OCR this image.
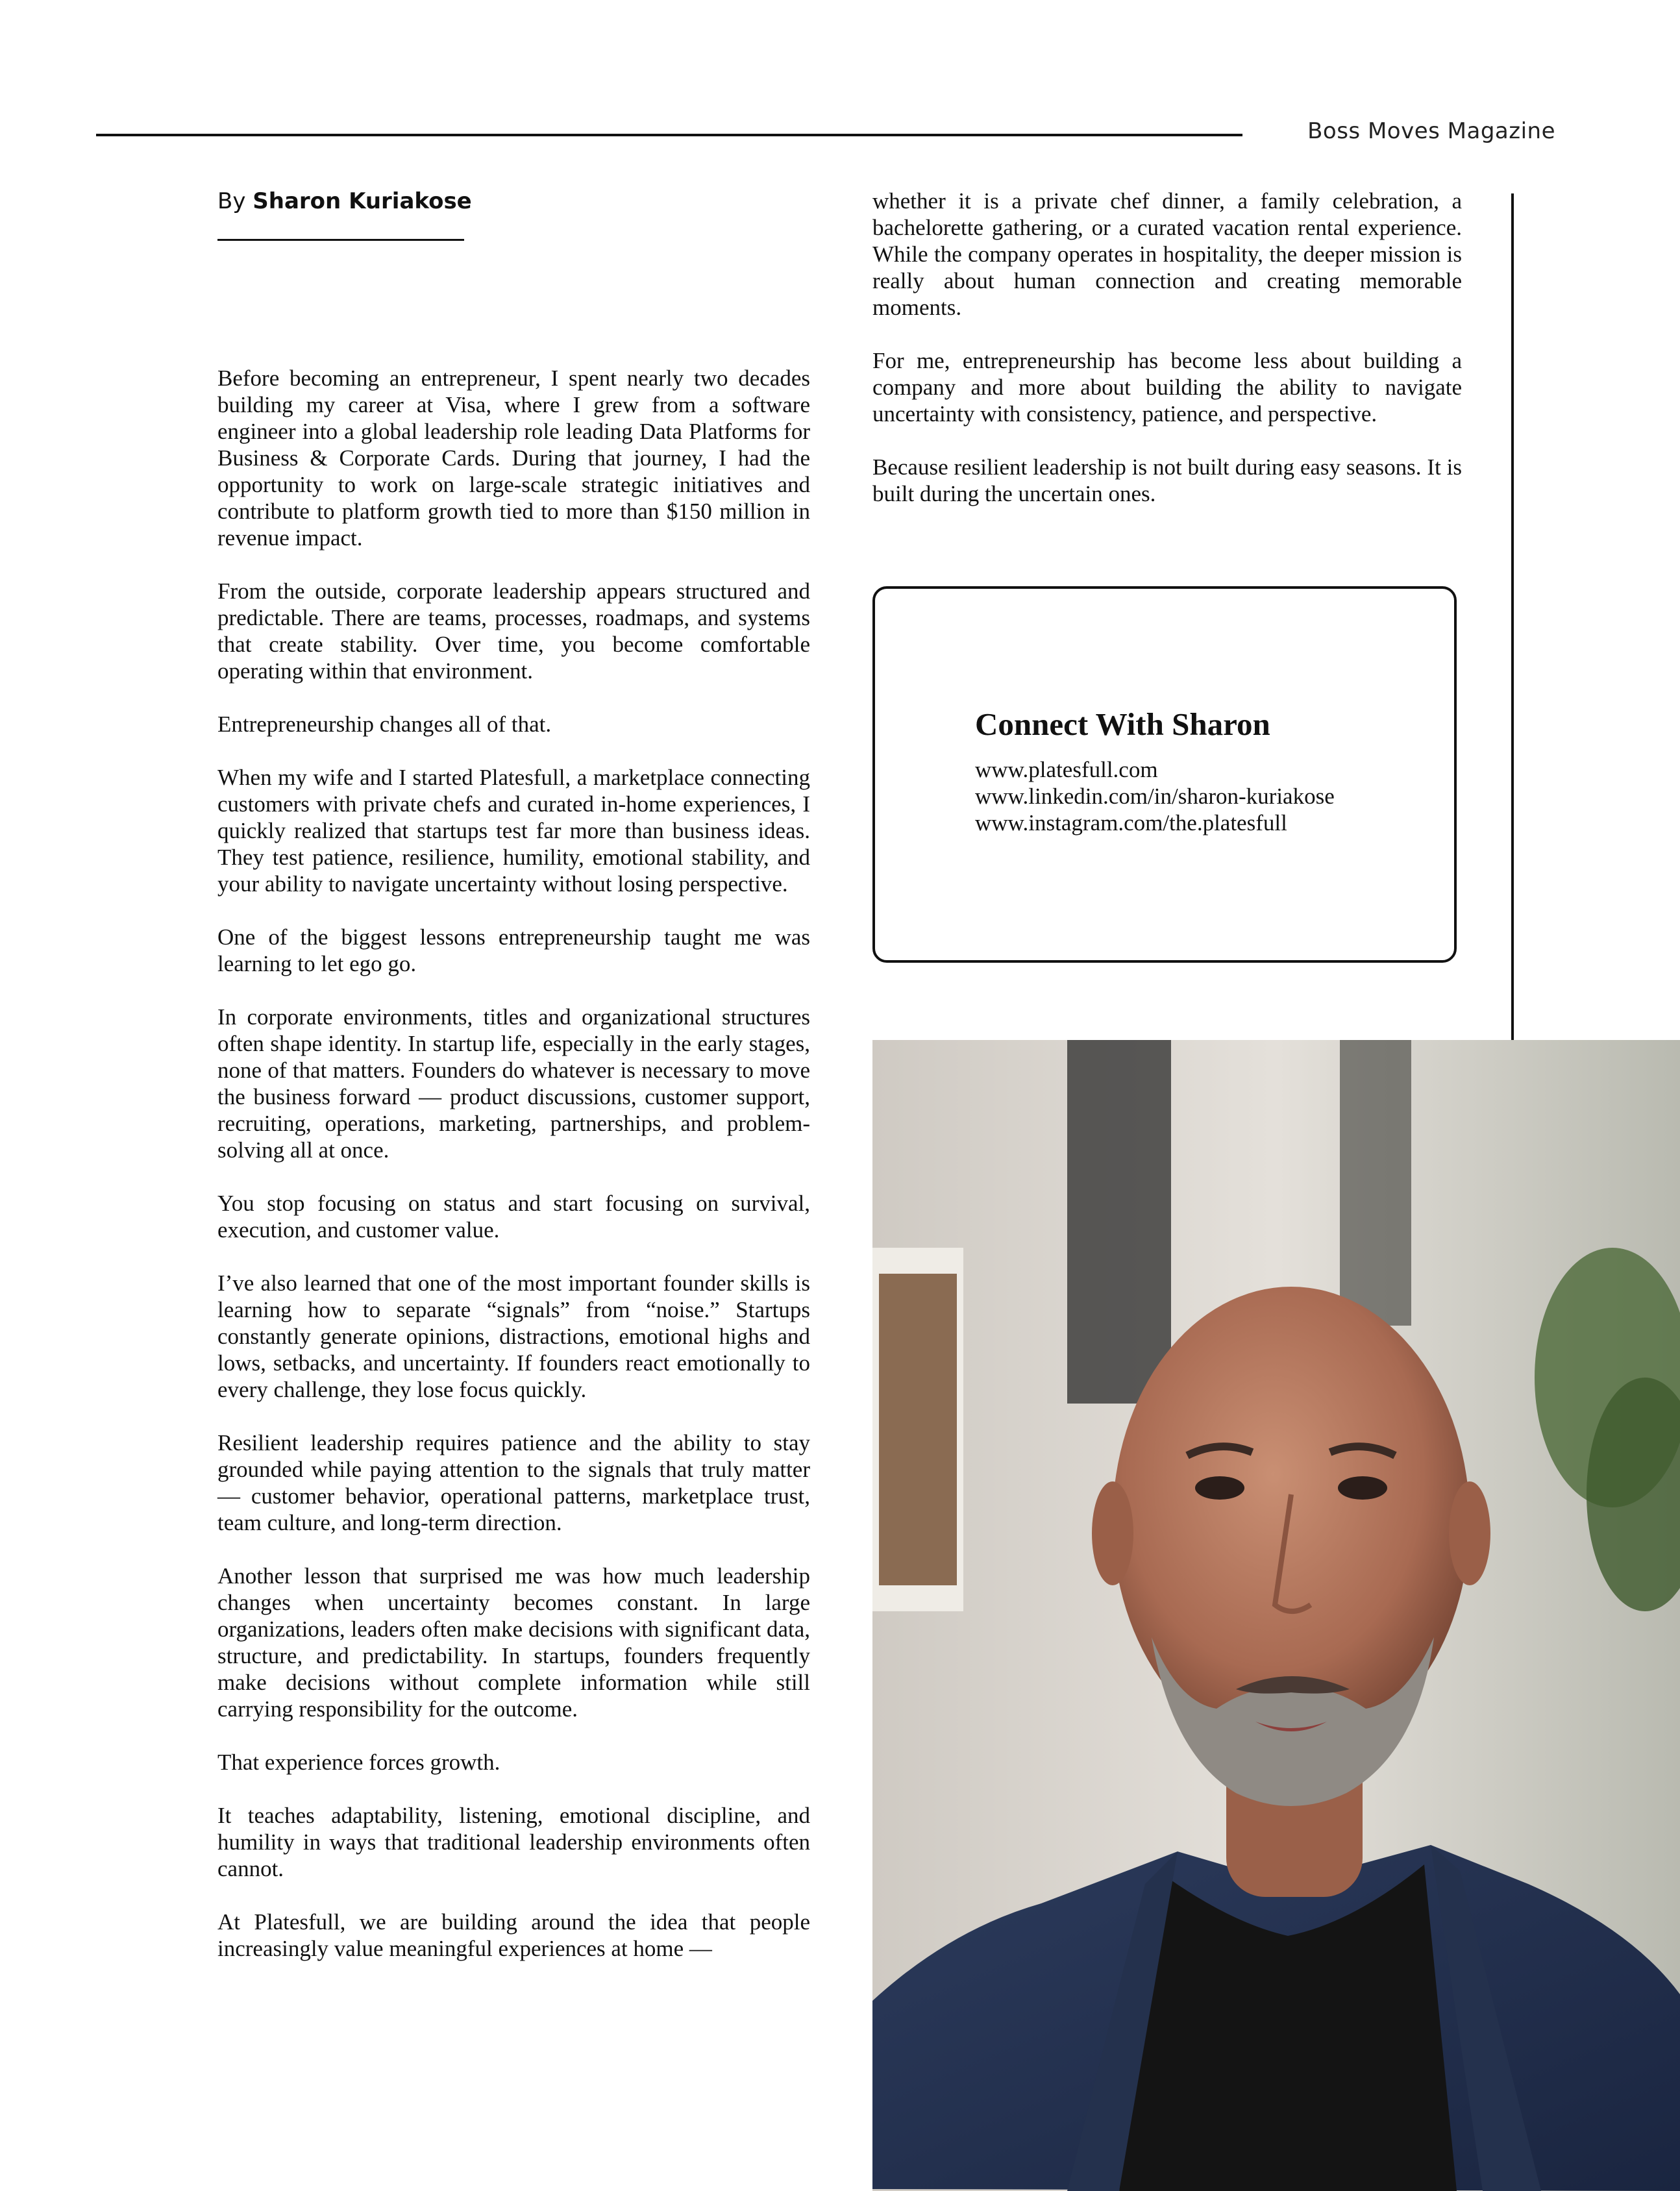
Boss Moves Magazine
By Sharon Kuriakose

Before becoming an entrepreneur, I spent nearly two decades building my career at Visa, where I grew from a software engineer into a global leadership role leading Data Platforms for Business & Corporate Cards. During that journey, I had the opportunity to work on large-scale strategic initiatives and contribute to platform growth tied to more than $150 million in revenue impact.

From the outside, corporate leadership appears structured and predictable. There are teams, processes, roadmaps, and systems that create stability. Over time, you become comfortable operating within that environment.

Entrepreneurship changes all of that.

When my wife and I started Platesfull, a marketplace connecting customers with private chefs and curated in-home experiences, I quickly realized that startups test far more than business ideas. They test patience, resilience, humility, emotional stability, and your ability to navigate uncertainty without losing perspective.

One of the biggest lessons entrepreneurship taught me was learning to let ego go.

In corporate environments, titles and organizational structures often shape identity. In startup life, especially in the early stages, none of that matters. Founders do whatever is necessary to move the business forward — product discussions, customer support, recruiting, operations, marketing, partnerships, and problem-solving all at once.

You stop focusing on status and start focusing on survival, execution, and customer value.

I’ve also learned that one of the most important founder skills is learning how to separate “signals” from “noise.” Startups constantly generate opinions, distractions, emotional highs and lows, setbacks, and uncertainty. If founders react emotionally to every challenge, they lose focus quickly.

Resilient leadership requires patience and the ability to stay grounded while paying attention to the signals that truly matter — customer behavior, operational patterns, marketplace trust, team culture, and long-term direction.

Another lesson that surprised me was how much leadership changes when uncertainty becomes constant. In large organizations, leaders often make decisions with significant data, structure, and predictability. In startups, founders frequently make decisions without complete information while still carrying responsibility for the outcome.

That experience forces growth.

It teaches adaptability, listening, emotional discipline, and humility in ways that traditional leadership environments often cannot.

At Platesfull, we are building around the idea that people increasingly value meaningful experiences at home —

whether it is a private chef dinner, a family celebration, a bachelorette gathering, or a curated vacation rental experience. While the company operates in hospitality, the deeper mission is really about human connection and creating memorable moments.

For me, entrepreneurship has become less about building a company and more about building the ability to navigate uncertainty with consistency, patience, and perspective.

Because resilient leadership is not built during easy seasons. It is built during the uncertain ones.

Connect With Sharon
www.platesfull.com
www.linkedin.com/in/sharon-kuriakose
www.instagram.com/the.platesfull
